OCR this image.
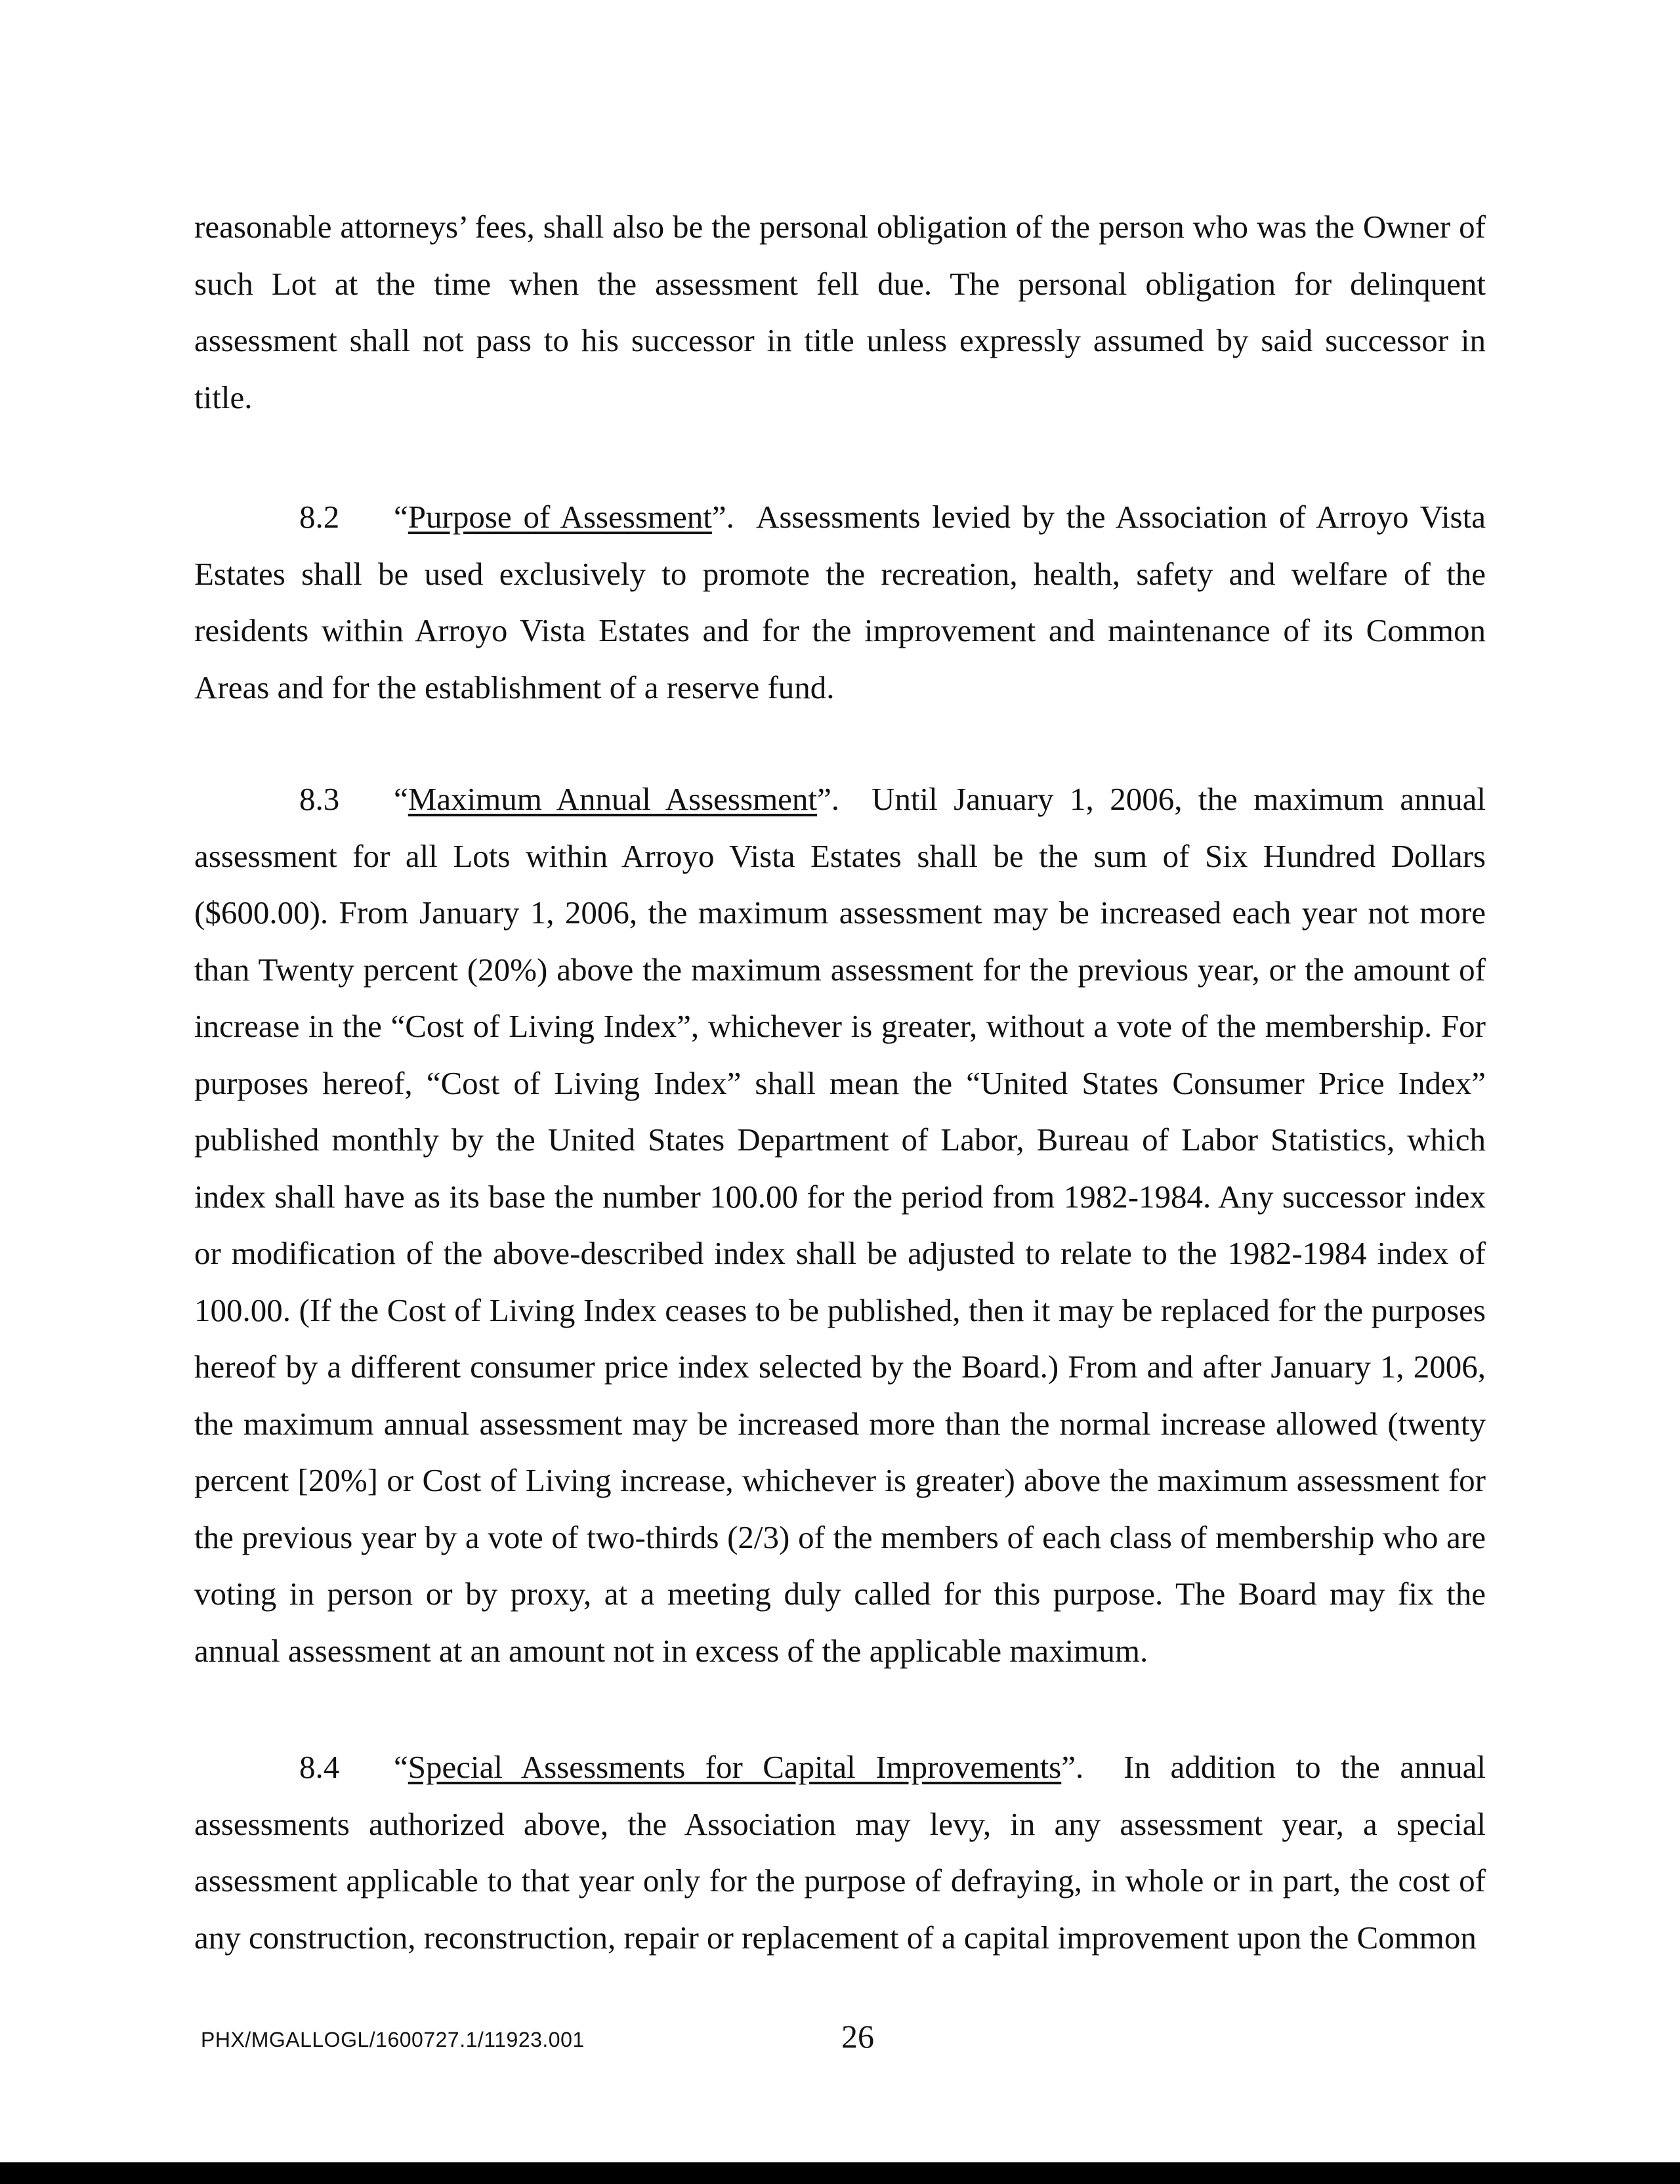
reasonable attorneys’ fees, shall also be the personal obligation of the person who was the Owner of such Lot at the time when the assessment fell due. The personal obligation for delinquent assessment shall not pass to his successor in title unless expressly assumed by said successor in title.

8.2 “Purpose of Assessment”. Assessments levied by the Association of Arroyo Vista Estates shall be used exclusively to promote the recreation, health, safety and welfare of the residents within Arroyo Vista Estates and for the improvement and maintenance of its Common Areas and for the establishment of a reserve fund.

8.3 “Maximum Annual Assessment”. Until January 1, 2006, the maximum annual assessment for all Lots within Arroyo Vista Estates shall be the sum of Six Hundred Dollars ($600.00). From January 1, 2006, the maximum assessment may be increased each year not more than Twenty percent (20%) above the maximum assessment for the previous year, or the amount of increase in the “Cost of Living Index”, whichever is greater, without a vote of the membership. For purposes hereof, “Cost of Living Index” shall mean the “United States Consumer Price Index” published monthly by the United States Department of Labor, Bureau of Labor Statistics, which index shall have as its base the number 100.00 for the period from 1982-1984. Any successor index or modification of the above-described index shall be adjusted to relate to the 1982-1984 index of 100.00. (If the Cost of Living Index ceases to be published, then it may be replaced for the purposes hereof by a different consumer price index selected by the Board.) From and after January 1, 2006, the maximum annual assessment may be increased more than the normal increase allowed (twenty percent [20%] or Cost of Living increase, whichever is greater) above the maximum assessment for the previous year by a vote of two-thirds (2/3) of the members of each class of membership who are voting in person or by proxy, at a meeting duly called for this purpose. The Board may fix the annual assessment at an amount not in excess of the applicable maximum.

8.4 “Special Assessments for Capital Improvements”. In addition to the annual assessments authorized above, the Association may levy, in any assessment year, a special assessment applicable to that year only for the purpose of defraying, in whole or in part, the cost of any construction, reconstruction, repair or replacement of a capital improvement upon the Common

PHX/MGALLOGL/1600727.1/11923.001	26
